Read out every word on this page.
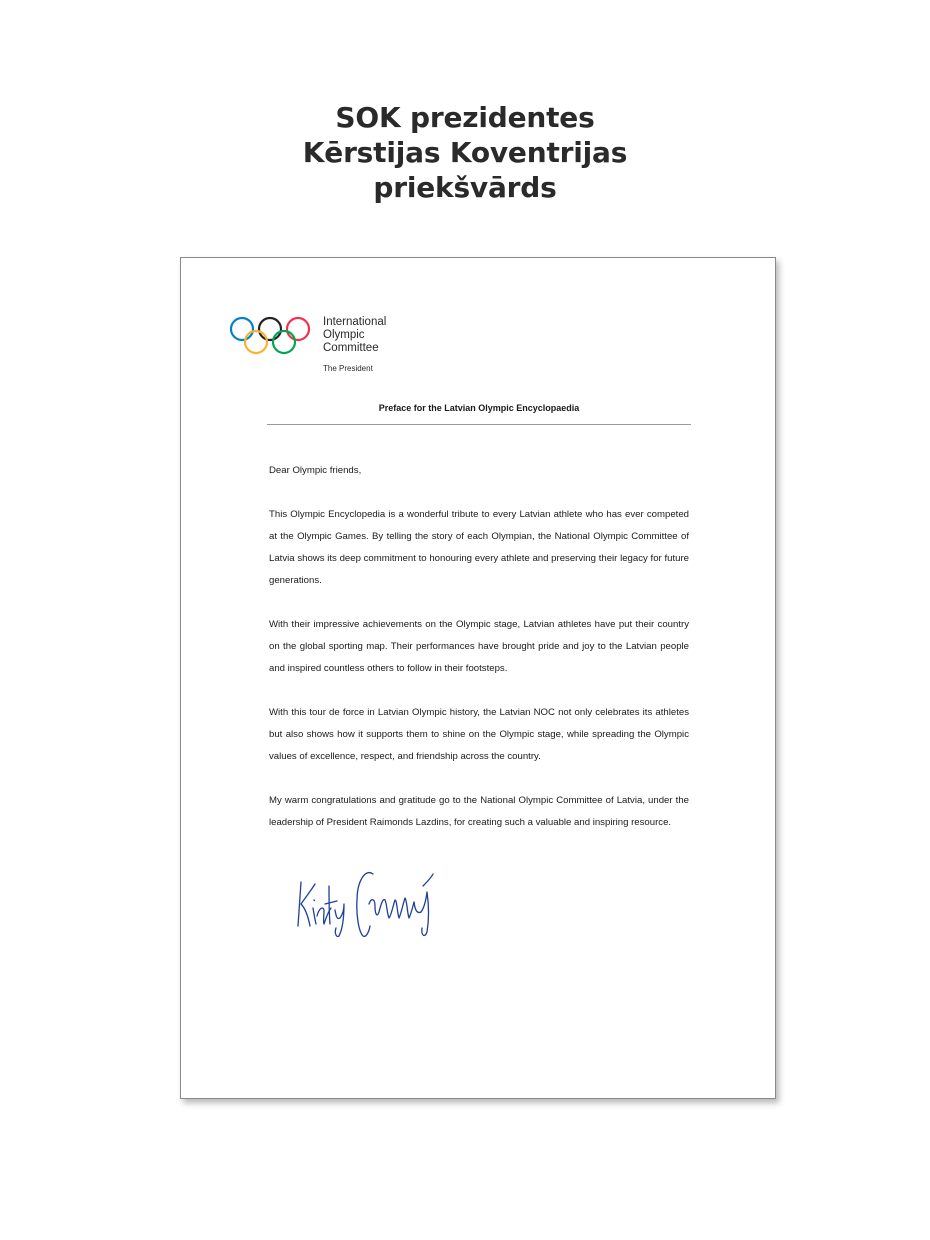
SOK prezidentes
Kērstijas Koventrijas
priekšvārds
International
Olympic
Committee
The President
Preface for the Latvian Olympic Encyclopaedia

Dear Olympic friends,

This Olympic Encyclopedia is a wonderful tribute to every Latvian athlete who has ever competed at the Olympic Games. By telling the story of each Olympian, the National Olympic Committee of Latvia shows its deep commitment to honouring every athlete and preserving their legacy for future generations.

With their impressive achievements on the Olympic stage, Latvian athletes have put their country on the global sporting map. Their performances have brought pride and joy to the Latvian people and inspired countless others to follow in their footsteps.

With this tour de force in Latvian Olympic history, the Latvian NOC not only celebrates its athletes but also shows how it supports them to shine on the Olympic stage, while spreading the Olympic values of excellence, respect, and friendship across the country.

My warm congratulations and gratitude go to the National Olympic Committee of Latvia, under the leadership of President Raimonds Lazdins, for creating such a valuable and inspiring resource.
